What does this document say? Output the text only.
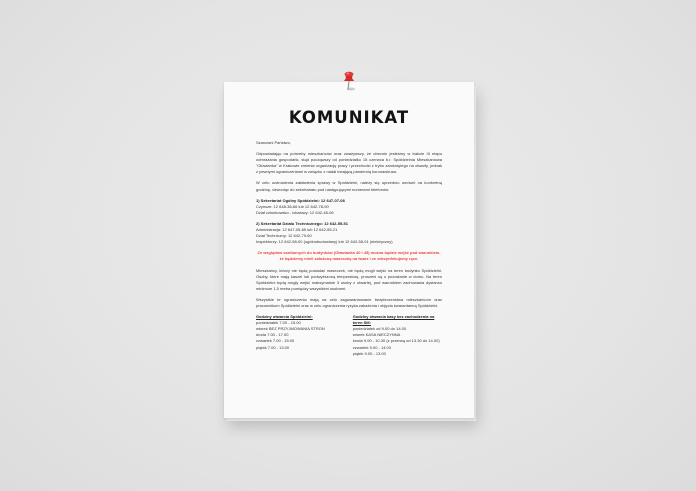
KOMUNIKAT

Szanowni Państwo,

Odpowiadając na potrzeby mieszkańców oraz zważywszy, że obecnie jesteśmy w trakcie III etapu odmrażania gospodarki, stąd począwszy od poniedziałku 15 czerwca b.r. Spółdzielnia Mieszkaniowa "Ołowianka" w Krakowie zmienia organizację pracy i przechodzi z trybu zamkniętego na otwarty, jednak z pewnymi ograniczeniami w związku z nadal trwającą pandemią koronawirusa.

W celu uzdrowienia załatwienia sprawy w Spółdzielni, należy się uprzednio umówić na konkretną godzinę, dzwoniąc do sekretariatu pod następującymi numerami telefonów:

1) Sekretariat Ogólny Spółdzielni: 12 647-07-08
Czynsze: 12 648-38-66 lub 12 642-78-90
Dział członkowsko - lokalowy: 12 642-46-06

2) Sekretariat Działu Technicznego: 12 642-55-51
Administracja: 12 647-05-65 lub 12 642-55-21
Dział Techniczny: 12 642-79-60
Inspektorzy: 12 642-58-00 (ogólnobudowlany) lub 12 642-58-01 (elektryczny)

Ze względów sanitarnych do budynków (Oławianka 40 i 45) można będzie wejść pod warunkiem, że będziemy mieli założoną maseczkę na twarz i ze zdezynfekujemy ręce.

Mieszkańcy, którzy nie będą posiadać maseczek, nie będą mogli wejść na teren budynku Spółdzielni. Osoby, które mają kaszel lub podwyższoną temperaturę, proszeni są o pozostanie w domu. Na teren Spółdzielni będą mogły wejść maksymalnie 3 osoby z otwartej, pod warunkiem zachowania dystansu minimum 1,5 metra pomiędzy wszystkimi osobami.

Wszystkie te ograniczenia mają na celu zagwarantowanie bezpieczeństwa mieszkańcom oraz pracownikom Spółdzielni oraz w celu ograniczenia ryzyka zakażenia i objęcia kwarantanną Spółdzielni.

Godziny otwarcia Spółdzielni:
poniedziałek 7.00 - 15.00
wtorek BEZ PRZYJMOWANIA STRON
środa 7.00 - 17.00
czwartek 7.00 - 15.00
piątek 7.00 - 13.00
Godziny otwarcia kasy bez zachodzenia na teren SM:
poniedziałek od 9.00 do 14.00
wtorek KASA NIECZYNNA
środa 9.00 - 10.30 (z przerwą od 13.30 do 14.00)
czwartek 9.00 - 14.00
piątek 9.00 - 13.00
